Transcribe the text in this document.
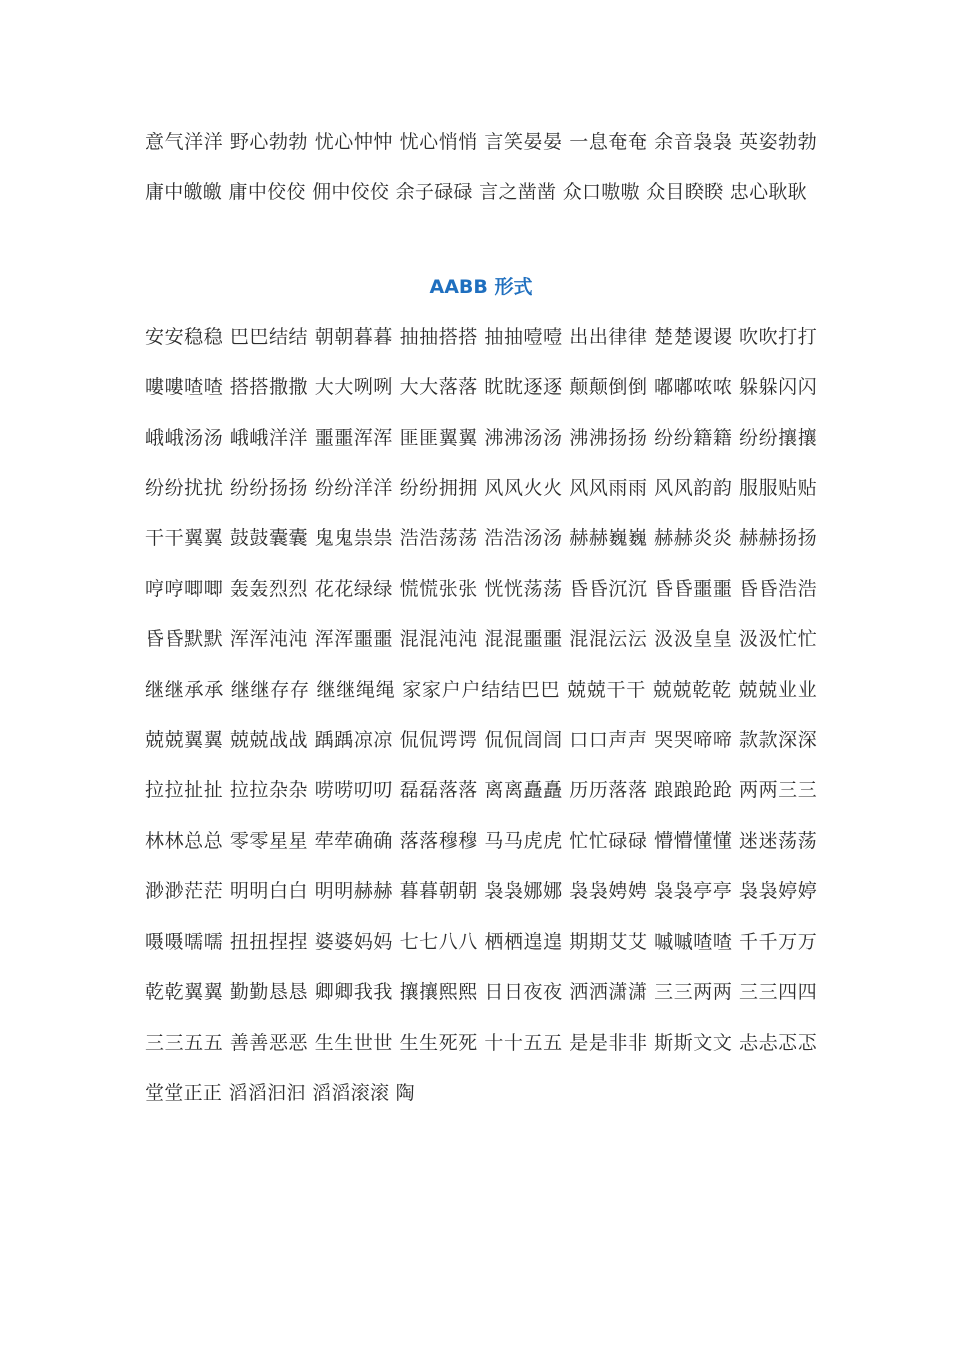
意气洋洋 野心勃勃 忧心忡忡 忧心悄悄 言笑晏晏 一息奄奄 余音袅袅 英姿勃勃 庸中皦皦 庸中佼佼 佣中佼佼 余子碌碌 言之凿凿 众口嗷嗷 众目睽睽 忠心耿耿

AABB 形式

安安稳稳 巴巴结结 朝朝暮暮 抽抽搭搭 抽抽噎噎 出出律律 楚楚谡谡 吹吹打打 嘍嘍喳喳 搭搭撒撒 大大咧咧 大大落落 眈眈逐逐 颠颠倒倒 嘟嘟哝哝 躲躲闪闪 峨峨汤汤 峨峨洋洋 噩噩浑浑 匪匪翼翼 沸沸汤汤 沸沸扬扬 纷纷籍籍 纷纷攘攘 纷纷扰扰 纷纷扬扬 纷纷洋洋 纷纷拥拥 风风火火 风风雨雨 风风韵韵 服服贴贴 干干翼翼 鼓鼓囊囊 鬼鬼祟祟 浩浩荡荡 浩浩汤汤 赫赫巍巍 赫赫炎炎 赫赫扬扬 哼哼唧唧 轰轰烈烈 花花绿绿 慌慌张张 恍恍荡荡 昏昏沉沉 昏昏噩噩 昏昏浩浩 昏昏默默 浑浑沌沌 浑浑噩噩 混混沌沌 混混噩噩 混混沄沄 汲汲皇皇 汲汲忙忙 继继承承 继继存存 继继绳绳 家家户户结结巴巴 兢兢干干 兢兢乾乾 兢兢业业 兢兢翼翼 兢兢战战 踽踽凉凉 侃侃谔谔 侃侃訚訚 口口声声 哭哭啼啼 款款深深 拉拉扯扯 拉拉杂杂 唠唠叨叨 磊磊落落 离离矗矗 历历落落 踉踉跄跄 两两三三 林林总总 零零星星 荦荦确确 落落穆穆 马马虎虎 忙忙碌碌 懵懵懂懂 迷迷荡荡 渺渺茫茫 明明白白 明明赫赫 暮暮朝朝 袅袅娜娜 袅袅娉娉 袅袅亭亭 袅袅婷婷 嗫嗫嚅嚅 扭扭捏捏 婆婆妈妈 七七八八 栖栖遑遑 期期艾艾 嘁嘁喳喳 千千万万 乾乾翼翼 勤勤恳恳 卿卿我我 攘攘熙熙 日日夜夜 洒洒潇潇 三三两两 三三四四 三三五五 善善恶恶 生生世世 生生死死 十十五五 是是非非 斯斯文文 忐忐忑忑 堂堂正正 滔滔汩汩 滔滔滚滚 陶
